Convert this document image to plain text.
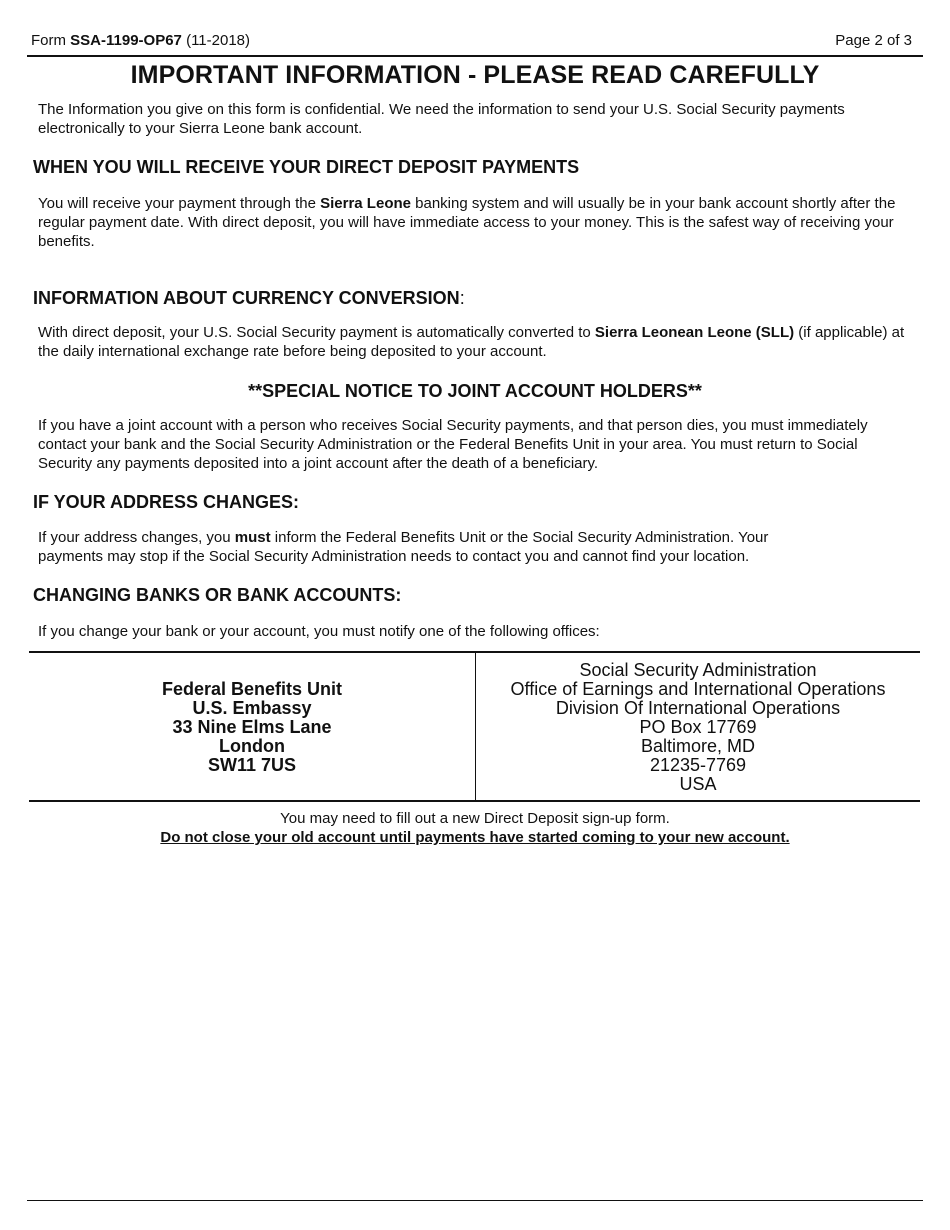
Form SSA-1199-OP67 (11-2018)	Page 2 of 3
IMPORTANT INFORMATION - PLEASE READ CAREFULLY

The Information you give on this form is confidential. We need the information to send your U.S. Social Security payments electronically to your Sierra Leone bank account.

WHEN YOU WILL RECEIVE YOUR DIRECT DEPOSIT PAYMENTS

You will receive your payment through the Sierra Leone banking system and will usually be in your bank account shortly after the regular payment date. With direct deposit, you will have immediate access to your money. This is the safest way of receiving your benefits.

INFORMATION ABOUT CURRENCY CONVERSION:

With direct deposit, your U.S. Social Security payment is automatically converted to Sierra Leonean Leone (SLL) (if applicable) at the daily international exchange rate before being deposited to your account.

**SPECIAL NOTICE TO JOINT ACCOUNT HOLDERS**

If you have a joint account with a person who receives Social Security payments, and that person dies, you must immediately contact your bank and the Social Security Administration or the Federal Benefits Unit in your area. You must return to Social Security any payments deposited into a joint account after the death of a beneficiary.

IF YOUR ADDRESS CHANGES:

If your address changes, you must inform the Federal Benefits Unit or the Social Security Administration. Your payments may stop if the Social Security Administration needs to contact you and cannot find your location.

CHANGING BANKS OR BANK ACCOUNTS:

If you change your bank or your account, you must notify one of the following offices:

Federal Benefits Unit
U.S. Embassy
33 Nine Elms Lane
London
SW11 7US
Social Security Administration
Office of Earnings and International Operations
Division Of International Operations
PO Box 17769
Baltimore, MD
21235-7769
USA
You may need to fill out a new Direct Deposit sign-up form.
Do not close your old account until payments have started coming to your new account.
